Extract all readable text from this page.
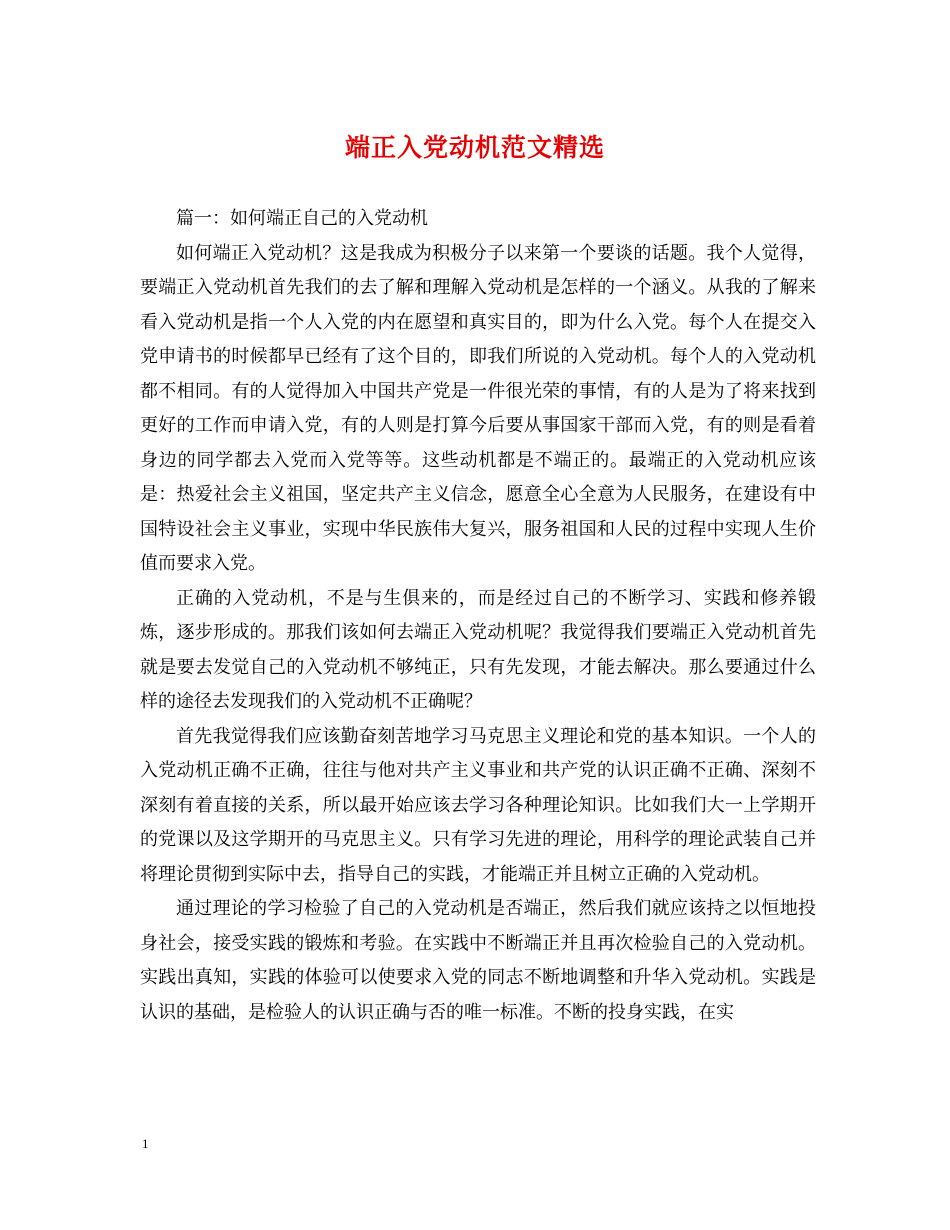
端正入党动机范文精选

篇一：如何端正自己的入党动机

如何端正入党动机？这是我成为积极分子以来第一个要谈的话题。我个人觉得，要端正入党动机首先我们的去了解和理解入党动机是怎样的一个涵义。从我的了解来看入党动机是指一个人入党的内在愿望和真实目的，即为什么入党。每个人在提交入党申请书的时候都早已经有了这个目的，即我们所说的入党动机。每个人的入党动机都不相同。有的人觉得加入中国共产党是一件很光荣的事情，有的人是为了将来找到更好的工作而申请入党，有的人则是打算今后要从事国家干部而入党，有的则是看着身边的同学都去入党而入党等等。这些动机都是不端正的。最端正的入党动机应该是：热爱社会主义祖国，坚定共产主义信念，愿意全心全意为人民服务，在建设有中国特设社会主义事业，实现中华民族伟大复兴，服务祖国和人民的过程中实现人生价值而要求入党。

正确的入党动机，不是与生俱来的，而是经过自己的不断学习、实践和修养锻炼，逐步形成的。那我们该如何去端正入党动机呢？我觉得我们要端正入党动机首先就是要去发觉自己的入党动机不够纯正，只有先发现，才能去解决。那么要通过什么样的途径去发现我们的入党动机不正确呢？

首先我觉得我们应该勤奋刻苦地学习马克思主义理论和党的基本知识。一个人的入党动机正确不正确，往往与他对共产主义事业和共产党的认识正确不正确、深刻不深刻有着直接的关系，所以最开始应该去学习各种理论知识。比如我们大一上学期开的党课以及这学期开的马克思主义。只有学习先进的理论，用科学的理论武装自己并将理论贯彻到实际中去，指导自己的实践，才能端正并且树立正确的入党动机。

通过理论的学习检验了自己的入党动机是否端正，然后我们就应该持之以恒地投身社会，接受实践的锻炼和考验。在实践中不断端正并且再次检验自己的入党动机。实践出真知，实践的体验可以使要求入党的同志不断地调整和升华入党动机。实践是认识的基础，是检验人的认识正确与否的唯一标准。不断的投身实践，在实

1
